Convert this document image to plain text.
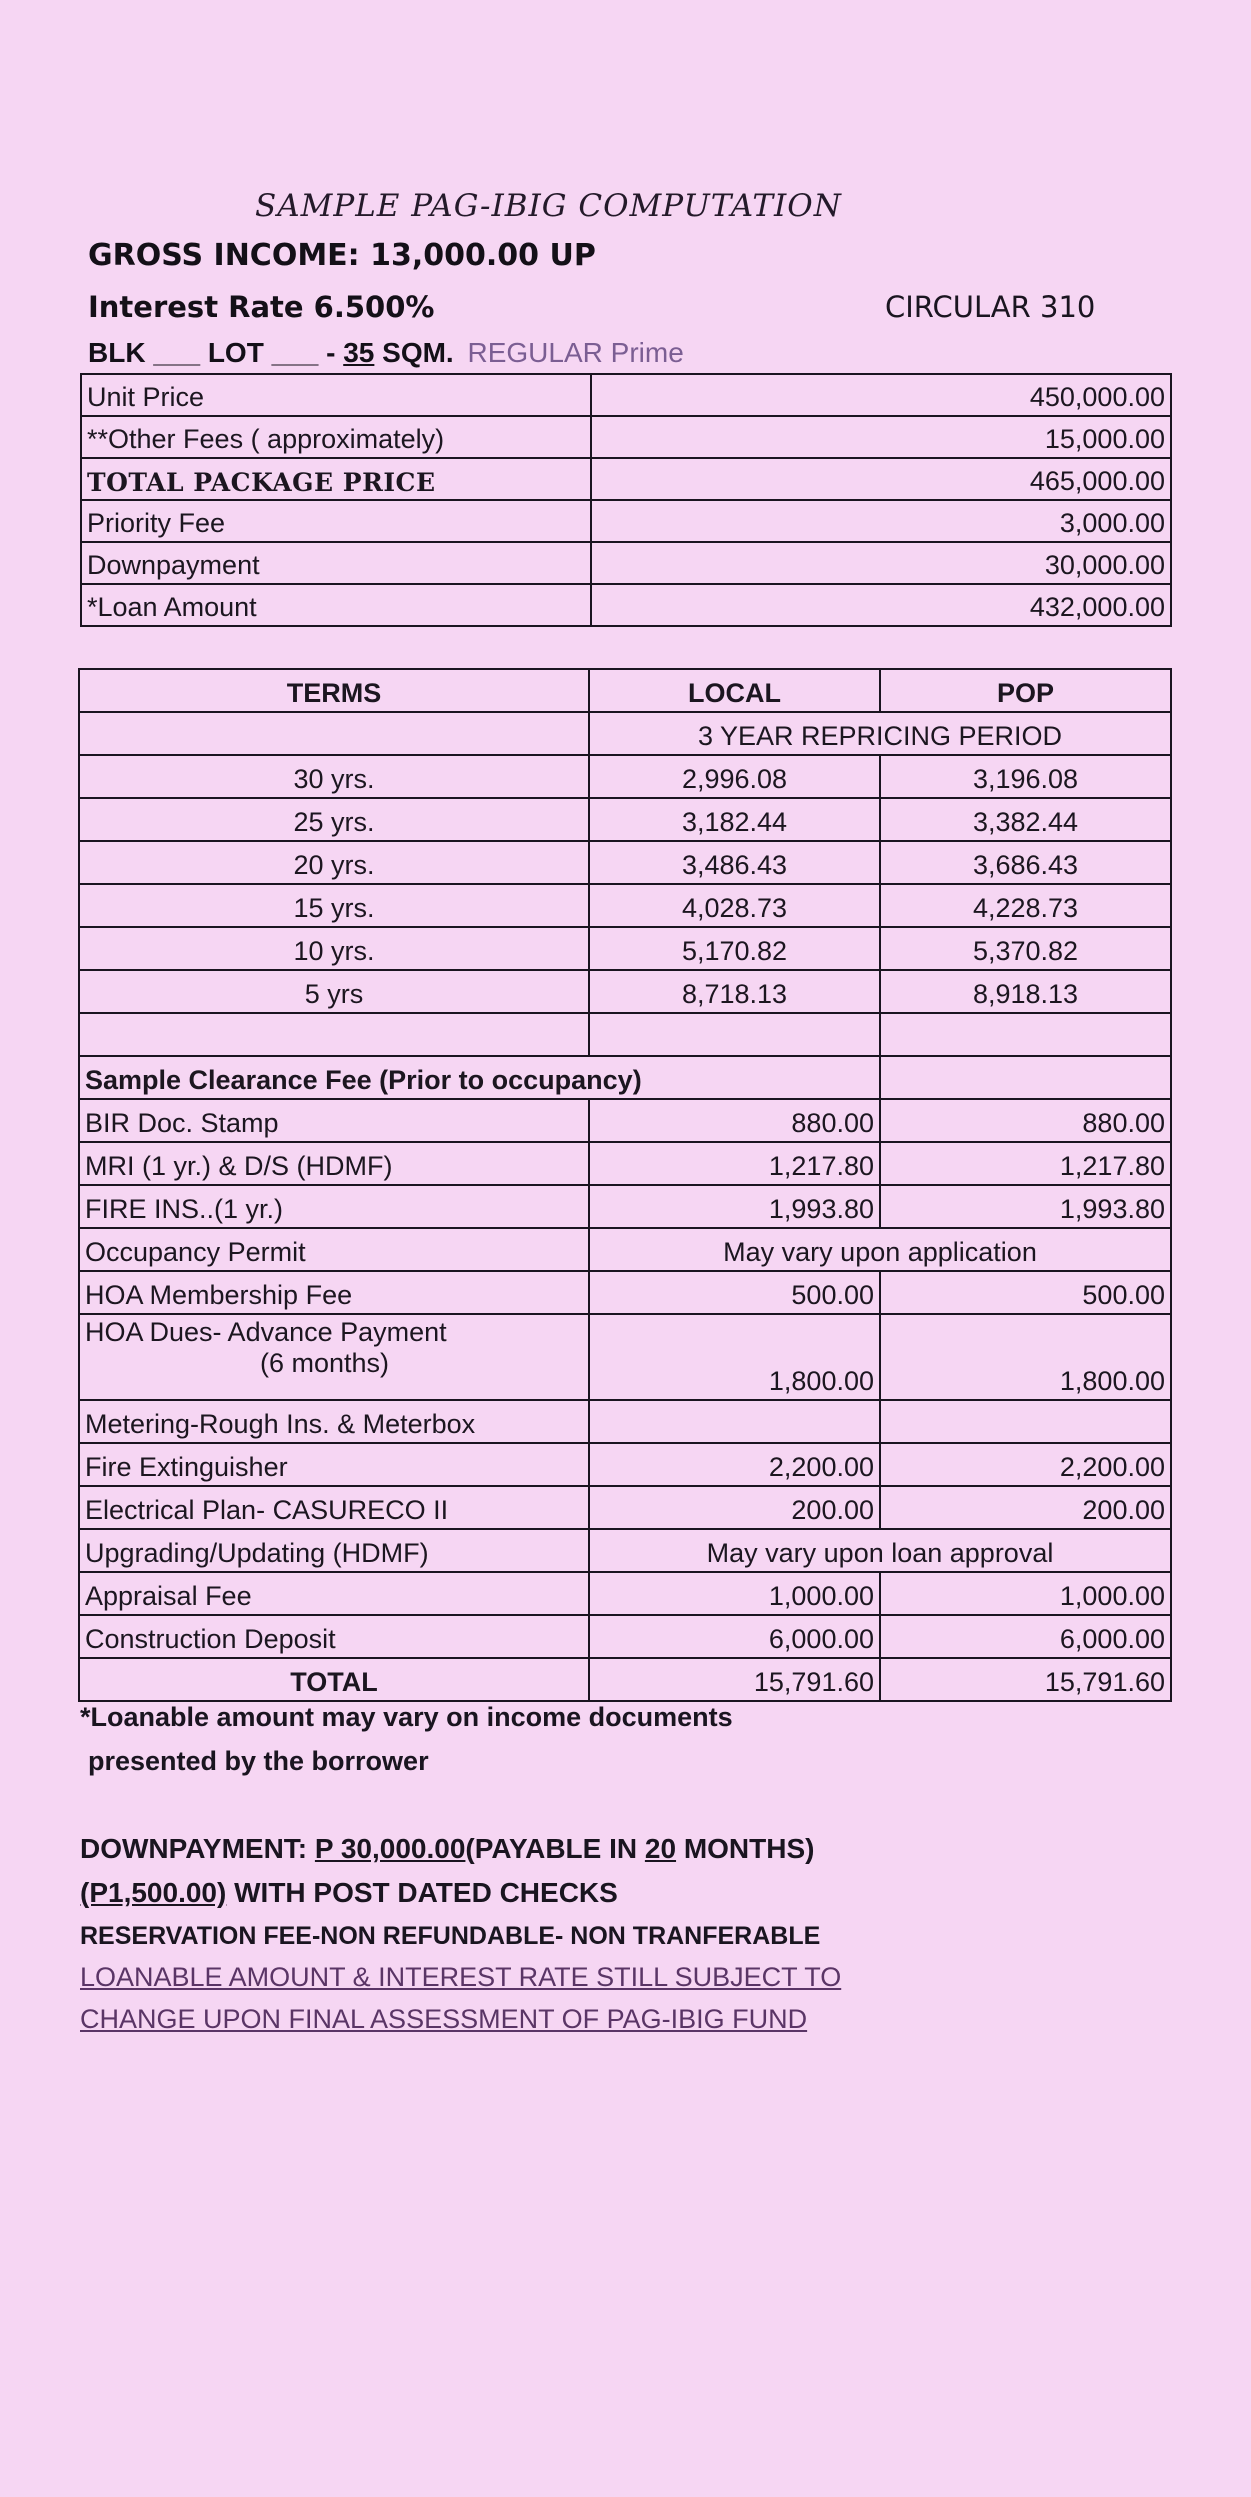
SAMPLE PAG-IBIG COMPUTATION
GROSS INCOME: 13,000.00 UP
Interest Rate 6.500%	CIRCULAR 310
BLK ___ LOT ___ - 35 SQM. REGULAR Prime
Unit Price	450,000.00
**Other Fees ( approximately)	15,000.00
TOTAL PACKAGE PRICE	465,000.00
Priority Fee	3,000.00
Downpayment	30,000.00
*Loan Amount	432,000.00
TERMS	LOCAL	POP
	3 YEAR REPRICING PERIOD	
30 yrs.	2,996.08	3,196.08
25 yrs.	3,182.44	3,382.44
20 yrs.	3,486.43	3,686.43
15 yrs.	4,028.73	4,228.73
10 yrs.	5,170.82	5,370.82
5 yrs	8,718.13	8,918.13

Sample Clearance Fee (Prior to occupancy)		
BIR Doc. Stamp	880.00	880.00
MRI (1 yr.) & D/S (HDMF)	1,217.80	1,217.80
FIRE INS..(1 yr.)	1,993.80	1,993.80
Occupancy Permit	May vary upon application	
HOA Membership Fee	500.00	500.00

HOA Dues- Advance Payment
(6 months)	1,800.00	1,800.00
Metering-Rough Ins. & Meterbox		
Fire Extinguisher	2,200.00	2,200.00
Electrical Plan- CASURECO II	200.00	200.00
Upgrading/Updating (HDMF)	May vary upon loan approval	
Appraisal Fee	1,000.00	1,000.00
Construction Deposit	6,000.00	6,000.00
TOTAL	15,791.60	15,791.60
*Loanable amount may vary on income documents
presented by the borrower
DOWNPAYMENT: P 30,000.00(PAYABLE IN 20 MONTHS)
(P1,500.00) WITH POST DATED CHECKS
RESERVATION FEE-NON REFUNDABLE- NON TRANFERABLE
LOANABLE AMOUNT & INTEREST RATE STILL SUBJECT TO
CHANGE UPON FINAL ASSESSMENT OF PAG-IBIG FUND
